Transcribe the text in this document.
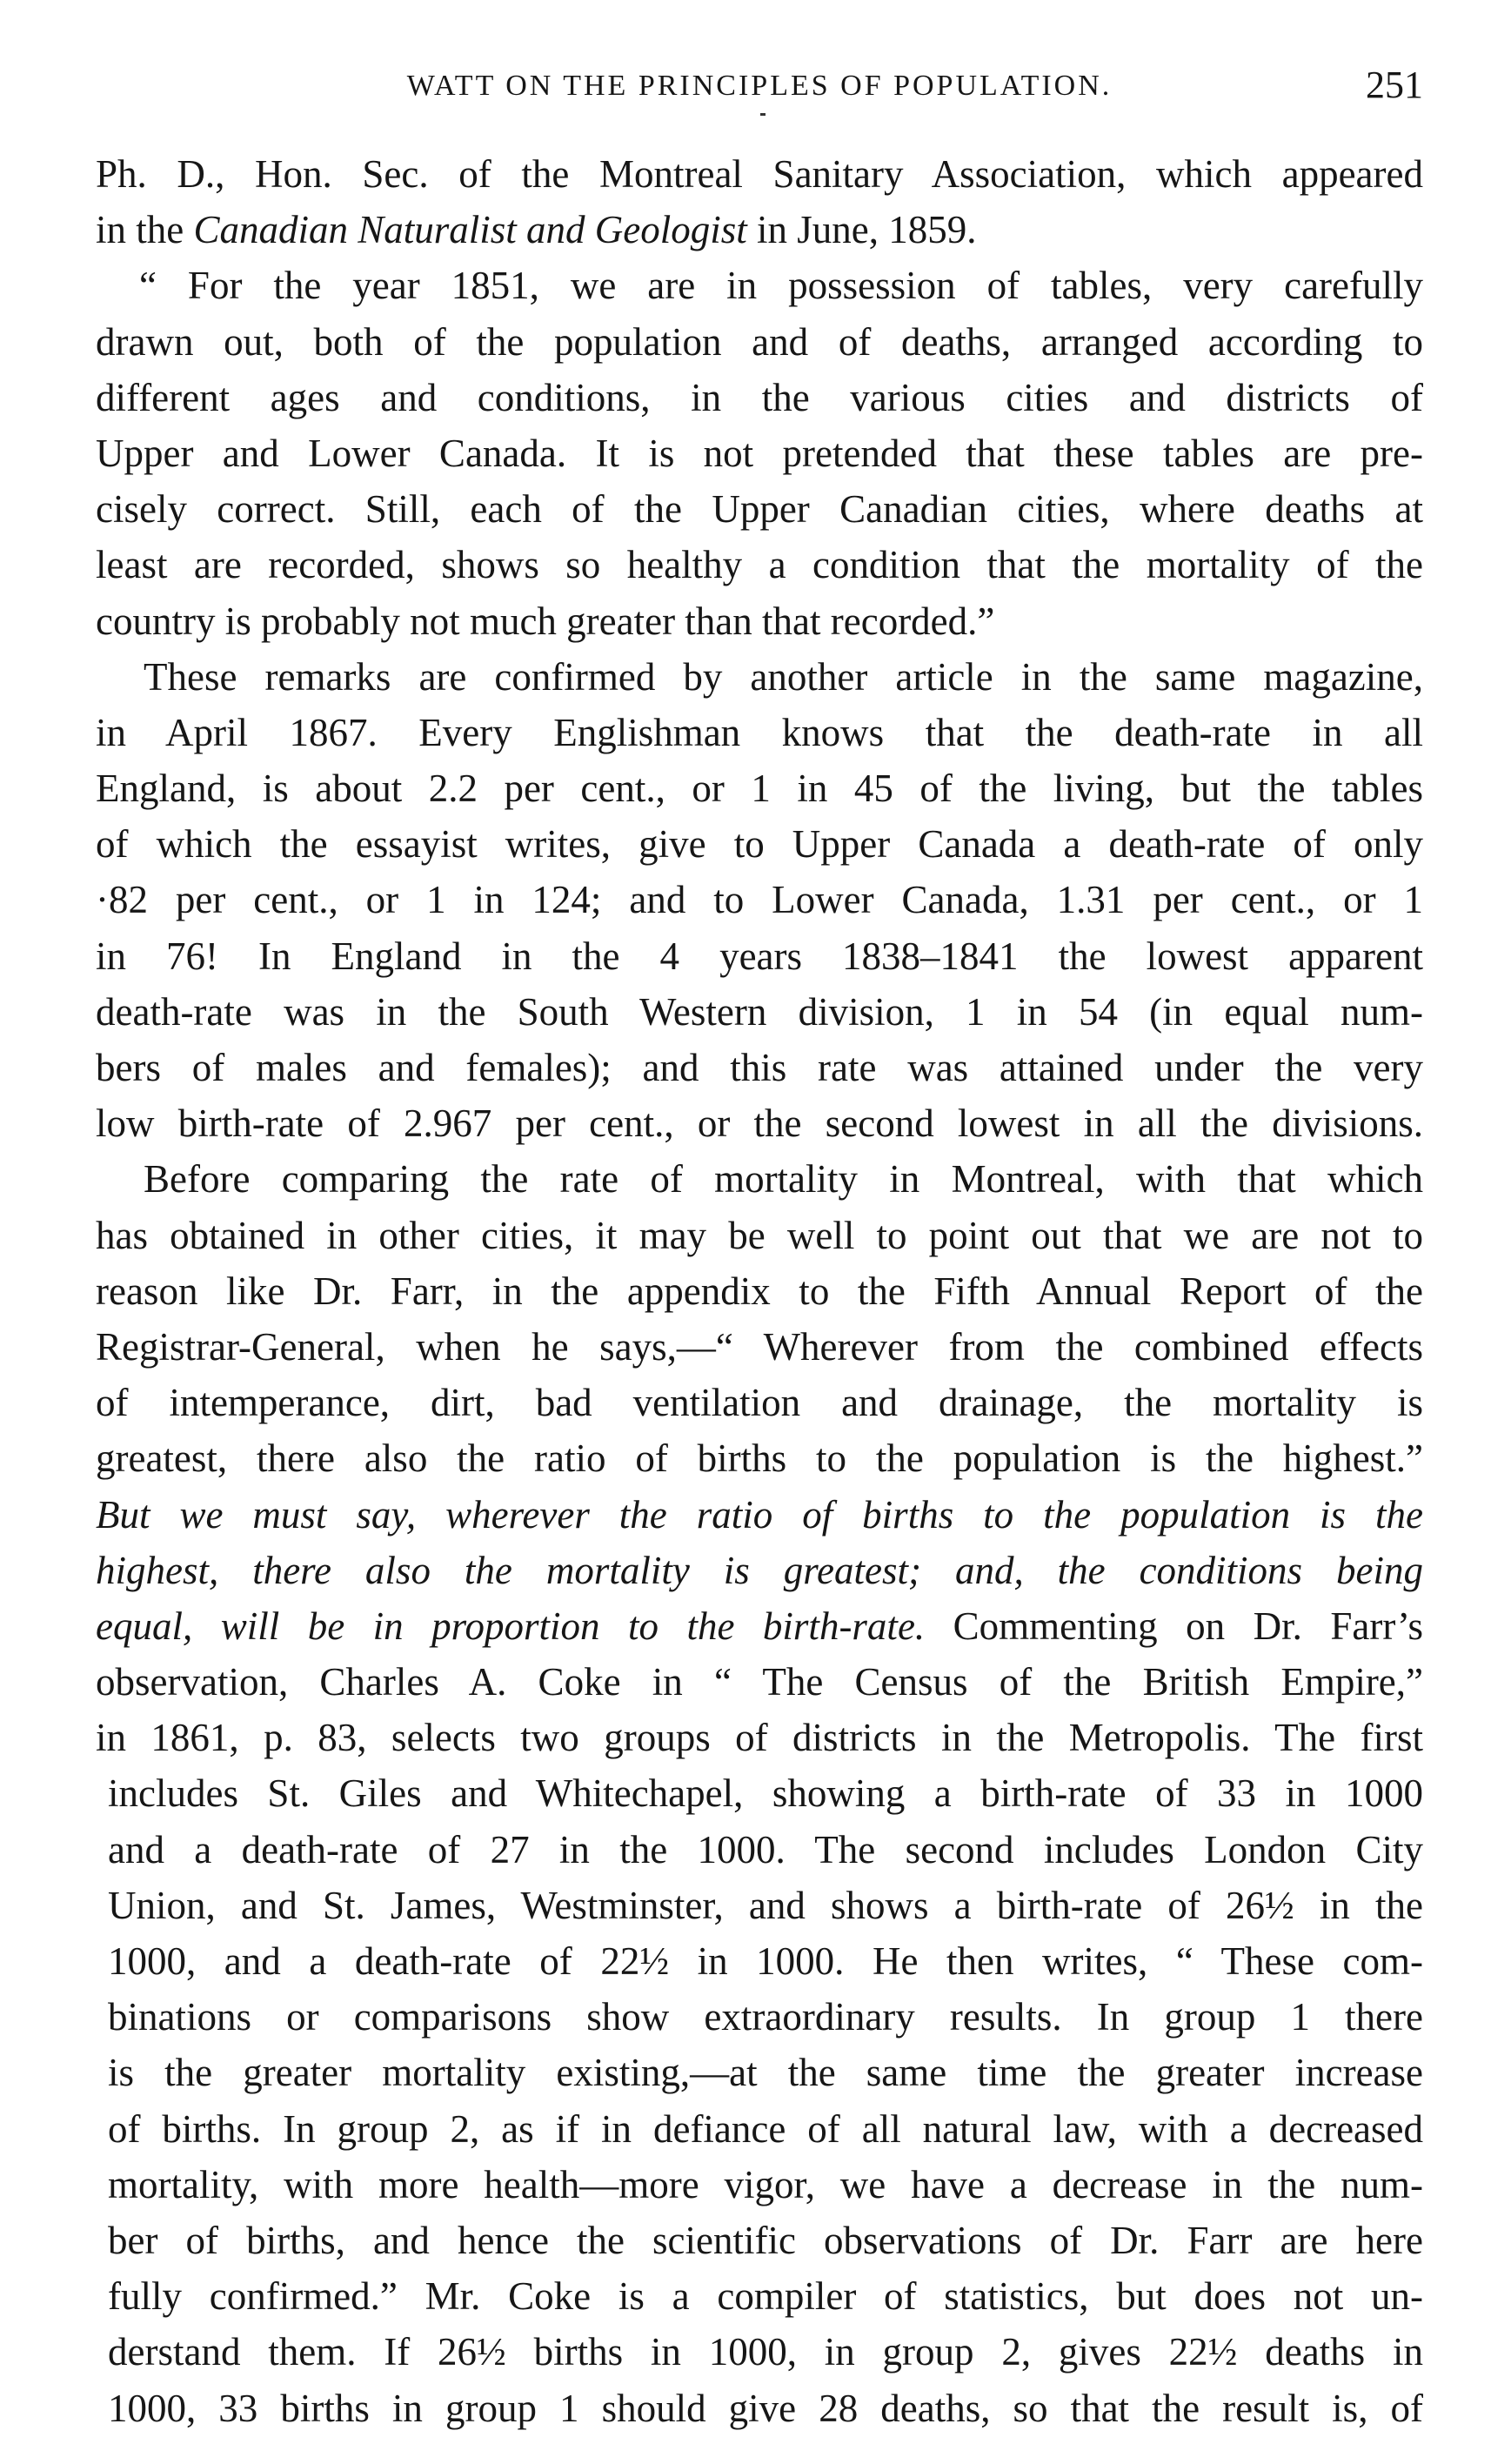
WATT ON THE PRINCIPLES OF POPULATION.	251
Ph. D., Hon. Sec. of the Montreal Sanitary Association, which appeared
in the Canadian Naturalist and Geologist in June, 1859.
“ For the year 1851, we are in possession of tables, very carefully
drawn out, both of the population and of deaths, arranged according to
different ages and conditions, in the various cities and districts of
Upper and Lower Canada. It is not pretended that these tables are pre-
cisely correct. Still, each of the Upper Canadian cities, where deaths at
least are recorded, shows so healthy a condition that the mortality of the
country is probably not much greater than that recorded.”
These remarks are confirmed by another article in the same magazine,
in April 1867. Every Englishman knows that the death-rate in all
England, is about 2.2 per cent., or 1 in 45 of the living, but the tables
of which the essayist writes, give to Upper Canada a death-rate of only
·82 per cent., or 1 in 124; and to Lower Canada, 1.31 per cent., or 1
in 76! In England in the 4 years 1838–1841 the lowest apparent
death-rate was in the South Western division, 1 in 54 (in equal num-
bers of males and females); and this rate was attained under the very
low birth-rate of 2.967 per cent., or the second lowest in all the divisions.
Before comparing the rate of mortality in Montreal, with that which
has obtained in other cities, it may be well to point out that we are not to
reason like Dr. Farr, in the appendix to the Fifth Annual Report of the
Registrar-General, when he says,—“ Wherever from the combined effects
of intemperance, dirt, bad ventilation and drainage, the mortality is
greatest, there also the ratio of births to the population is the highest.”
But we must say, wherever the ratio of births to the population is the
highest, there also the mortality is greatest; and, the conditions being
equal, will be in proportion to the birth-rate. Commenting on Dr. Farr’s
observation, Charles A. Coke in “ The Census of the British Empire,”
in 1861, p. 83, selects two groups of districts in the Metropolis. The first
includes St. Giles and Whitechapel, showing a birth-rate of 33 in 1000
and a death-rate of 27 in the 1000. The second includes London City
Union, and St. James, Westminster, and shows a birth-rate of 26½ in the
1000, and a death-rate of 22½ in 1000. He then writes, “ These com-
binations or comparisons show extraordinary results. In group 1 there
is the greater mortality existing,—at the same time the greater increase
of births. In group 2, as if in defiance of all natural law, with a decreased
mortality, with more health—more vigor, we have a decrease in the num-
ber of births, and hence the scientific observations of Dr. Farr are here
fully confirmed.” Mr. Coke is a compiler of statistics, but does not un-
derstand them. If 26½ births in 1000, in group 2, gives 22½ deaths in
1000, 33 births in group 1 should give 28 deaths, so that the result is, of
